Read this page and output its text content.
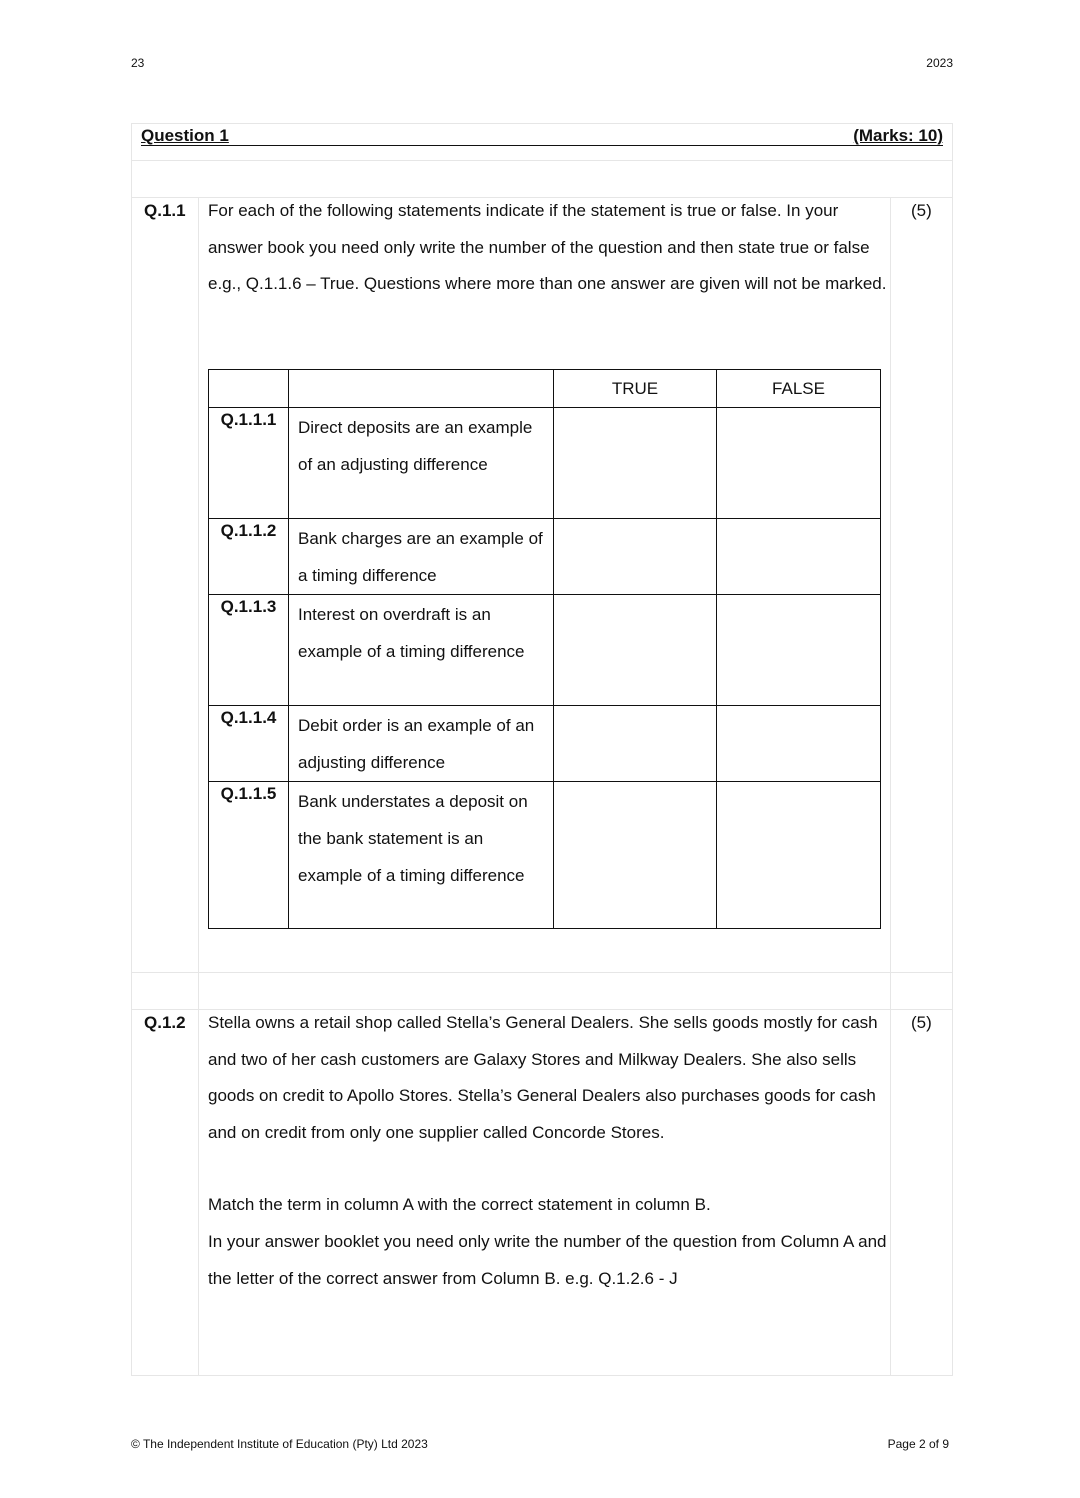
23	2023
Question 1	(Marks: 10)
Q.1.1	(5)

For each of the following statements indicate if the statement is true or false. In your answer book you need only write the number of the question and then state true or false e.g., Q.1.1.6 – True. Questions where more than one answer are given will not be marked.

		TRUE	FALSE
Q.1.1.1	Direct deposits are an example of an adjusting difference		
Q.1.1.2	Bank charges are an example of a timing difference		
Q.1.1.3	Interest on overdraft is an example of a timing difference		
Q.1.1.4	Debit order is an example of an adjusting difference		
Q.1.1.5	Bank understates a deposit on the bank statement is an example of a timing difference		
Q.1.2	(5)

Stella owns a retail shop called Stella’s General Dealers. She sells goods mostly for cash and two of her cash customers are Galaxy Stores and Milkway Dealers. She also sells goods on credit to Apollo Stores. Stella’s General Dealers also purchases goods for cash and on credit from only one supplier called Concorde Stores.

Match the term in column A with the correct statement in column B.

In your answer booklet you need only write the number of the question from Column A and the letter of the correct answer from Column B. e.g. Q.1.2.6 - J

© The Independent Institute of Education (Pty) Ltd 2023	Page 2 of 9
